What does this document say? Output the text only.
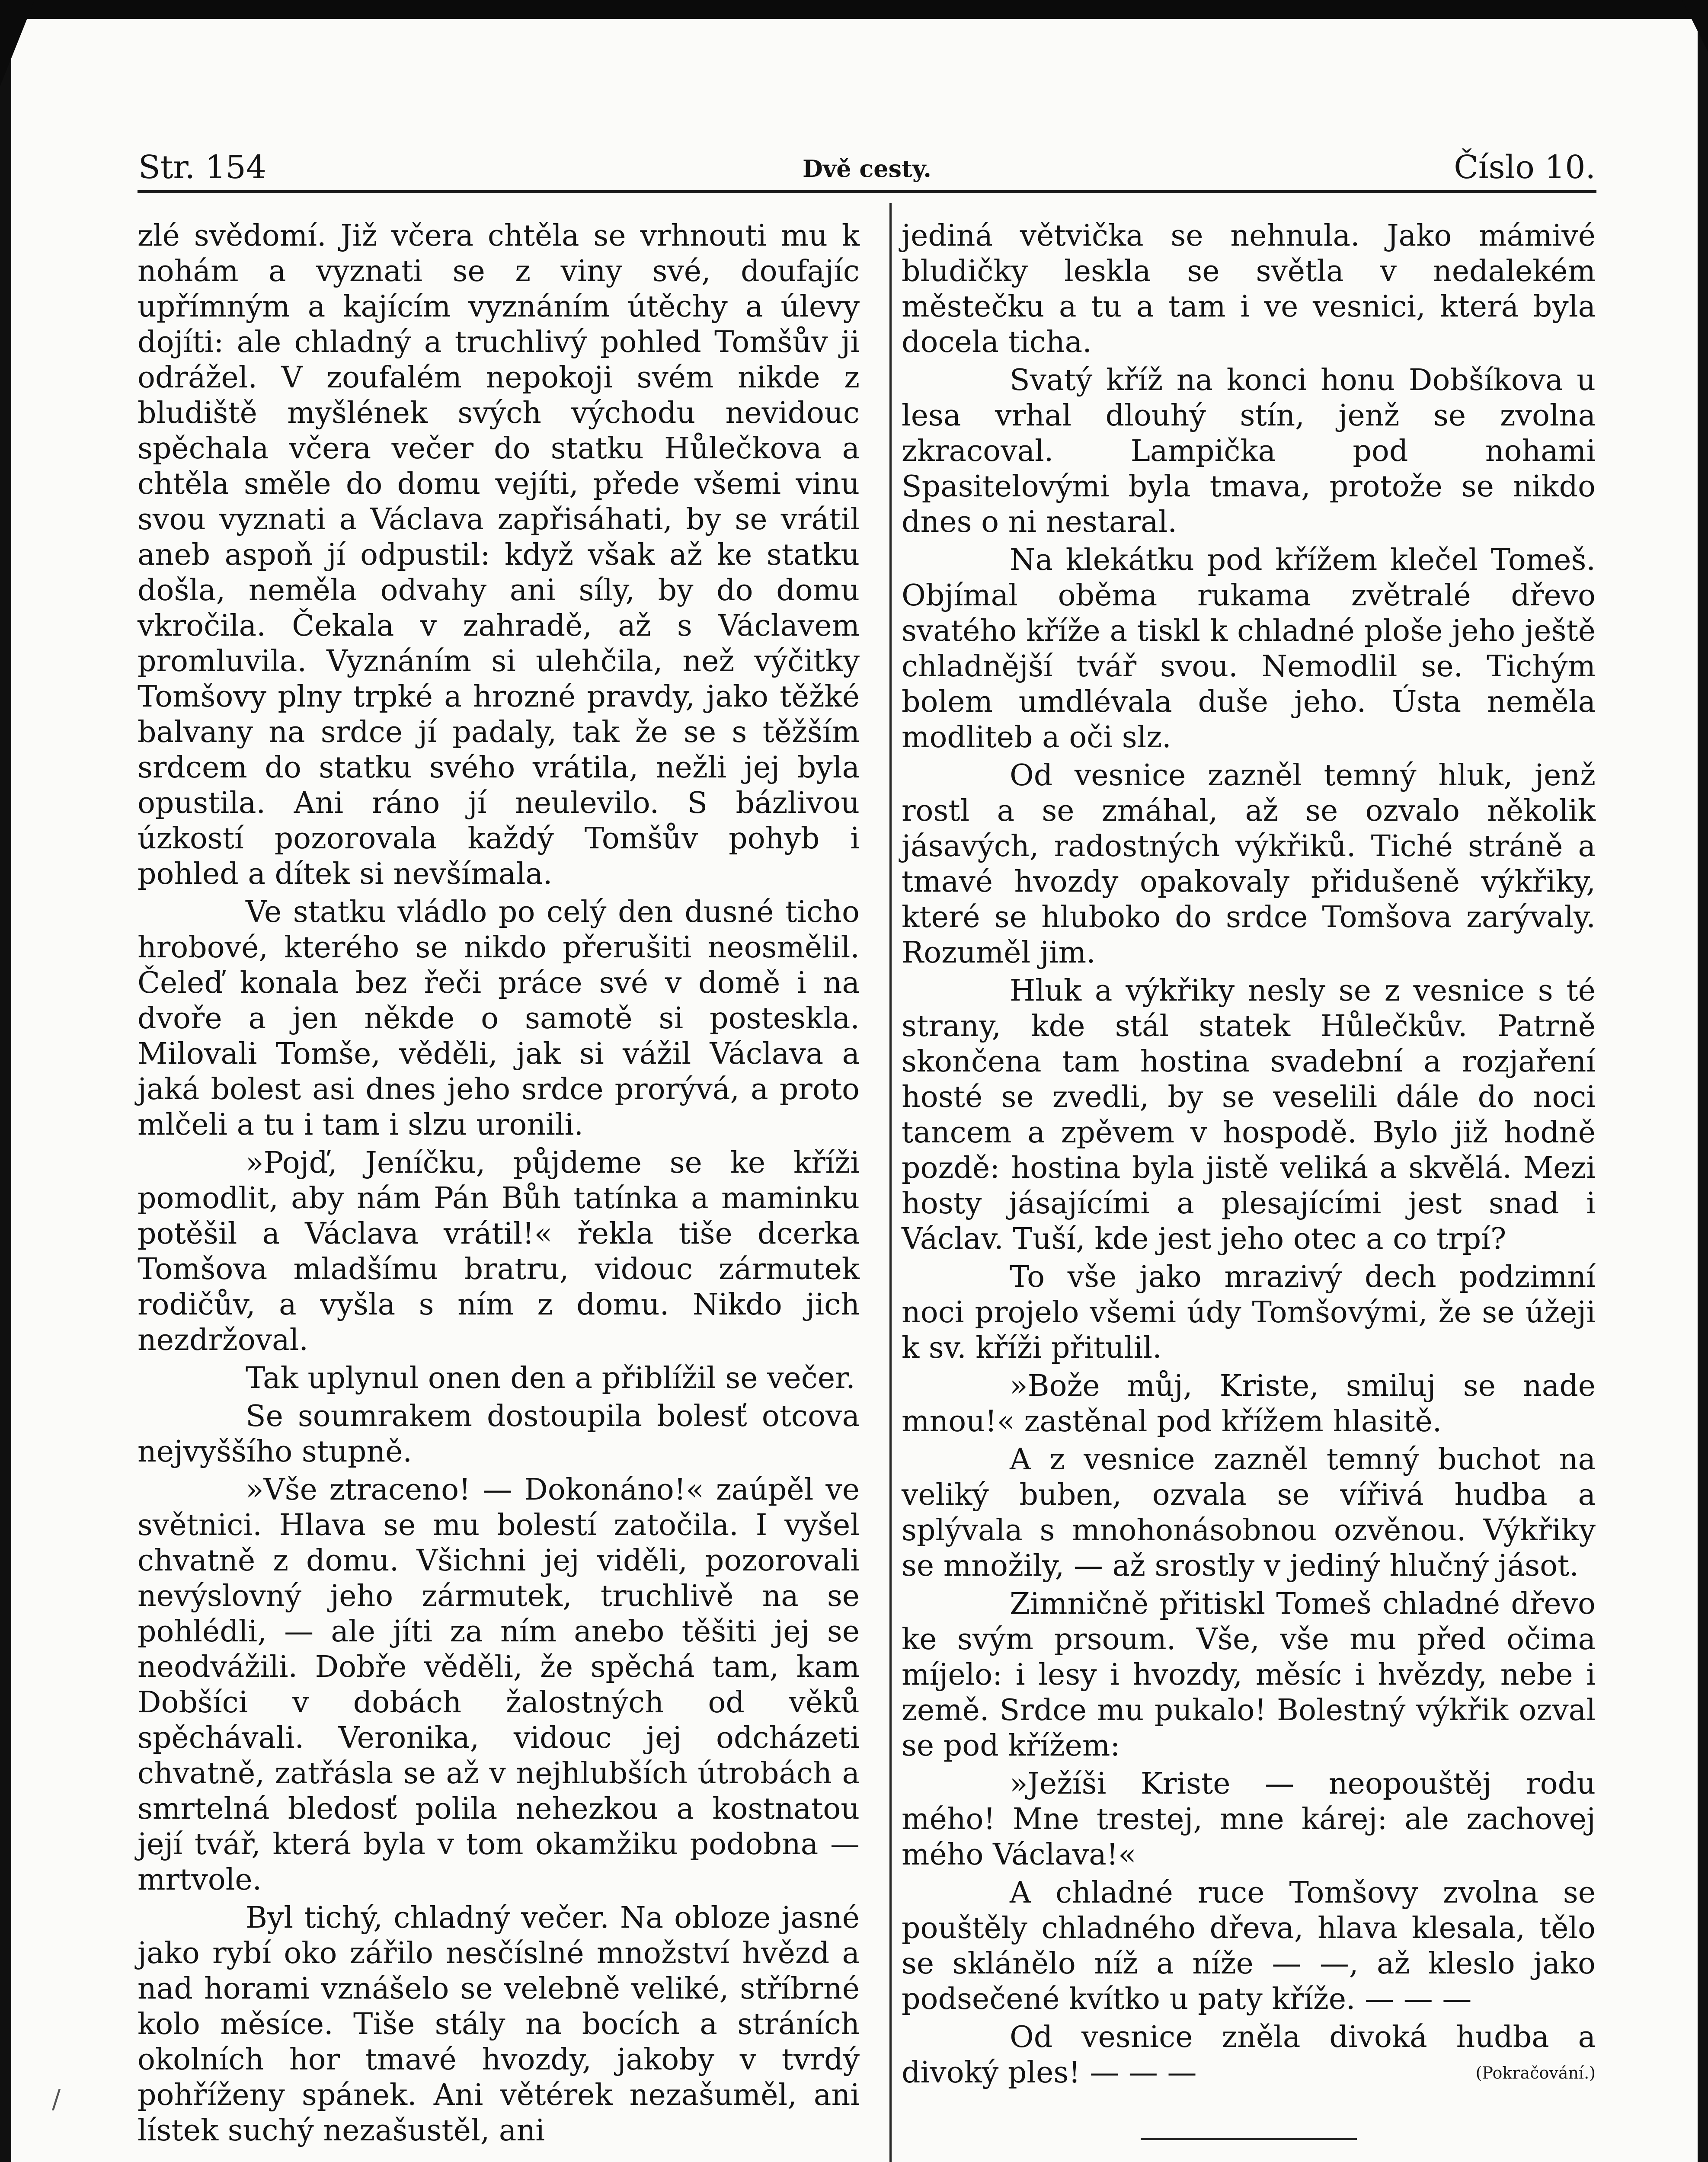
Str. 154	Dvě cesty.	Číslo 10.

zlé svědomí. Již včera chtěla se vrhnouti mu k nohám a vyznati se z viny své, doufajíc upřímným a kajícím vyznáním útěchy a úlevy dojíti: ale chladný a truchlivý pohled Tomšův ji odrážel. V zoufalém nepokoji svém nikde z bludiště myšlének svých východu nevidouc spěchala včera večer do statku Hůlečkova a chtěla směle do domu vejíti, přede všemi vinu svou vyznati a Václava zapřisáhati, by se vrátil aneb aspoň jí odpustil: když však až ke statku došla, neměla odvahy ani síly, by do domu vkročila. Čekala v zahradě, až s Václavem promluvila. Vyznáním si ulehčila, než výčitky Tomšovy plny trpké a hrozné pravdy, jako těžké balvany na srdce jí padaly, tak že se s těžším srdcem do statku svého vrátila, nežli jej byla opustila. Ani ráno jí neulevilo. S bázlivou úzkostí pozorovala každý Tomšův pohyb i pohled a dítek si nevšímala.

Ve statku vládlo po celý den dusné ticho hrobové, kterého se nikdo přerušiti neosmělil. Čeleď konala bez řeči práce své v domě i na dvoře a jen někde o samotě si posteskla. Milovali Tomše, věděli, jak si vážil Václava a jaká bolest asi dnes jeho srdce prorývá, a proto mlčeli a tu i tam i slzu uronili.

»Pojď, Jeníčku, půjdeme se ke kříži pomodlit, aby nám Pán Bůh tatínka a maminku potěšil a Václava vrátil!« řekla tiše dcerka Tomšova mladšímu bratru, vidouc zármutek rodičův, a vyšla s ním z domu. Nikdo jich nezdržoval.

Tak uplynul onen den a přiblížil se večer.

Se soumrakem dostoupila bolesť otcova nejvyššího stupně.

»Vše ztraceno! — Dokonáno!« zaúpěl ve světnici. Hlava se mu bolestí zatočila. I vyšel chvatně z domu. Všichni jej viděli, pozorovali nevýslovný jeho zármutek, truchlivě na se pohlédli, — ale jíti za ním anebo těšiti jej se neodvážili. Dobře věděli, že spěchá tam, kam Dobšíci v dobách žalostných od věků spěchávali. Veronika, vidouc jej odcházeti chvatně, zatřásla se až v nejhlubších útrobách a smrtelná bledosť polila nehezkou a kostnatou její tvář, která byla v tom okamžiku podobna — mrtvole.

Byl tichý, chladný večer. Na obloze jasné jako rybí oko zářilo nesčíslné množství hvězd a nad horami vznášelo se velebně veliké, stříbrné kolo měsíce. Tiše stály na bocích a stráních okolních hor tmavé hvozdy, jakoby v tvrdý pohříženy spánek. Ani větérek nezašuměl, ani lístek suchý nezašustěl, ani

jediná větvička se nehnula. Jako mámivé bludičky leskla se světla v nedalekém městečku a tu a tam i ve vesnici, která byla docela ticha.

Svatý kříž na konci honu Dobšíkova u lesa vrhal dlouhý stín, jenž se zvolna zkracoval. Lampička pod nohami Spasitelovými byla tmava, protože se nikdo dnes o ni nestaral.

Na klekátku pod křížem klečel Tomeš. Objímal oběma rukama zvětralé dřevo svatého kříže a tiskl k chladné ploše jeho ještě chladnější tvář svou. Nemodlil se. Tichým bolem umdlévala duše jeho. Ústa neměla modliteb a oči slz.

Od vesnice zazněl temný hluk, jenž rostl a se zmáhal, až se ozvalo několik jásavých, radostných výkřiků. Tiché stráně a tmavé hvozdy opakovaly přidušeně výkřiky, které se hluboko do srdce Tomšova zarývaly. Rozuměl jim.

Hluk a výkřiky nesly se z vesnice s té strany, kde stál statek Hůlečkův. Patrně skončena tam hostina svadební a rozjaření hosté se zvedli, by se veselili dále do noci tancem a zpěvem v hospodě. Bylo již hodně pozdě: hostina byla jistě veliká a skvělá. Mezi hosty jásajícími a plesajícími jest snad i Václav. Tuší, kde jest jeho otec a co trpí?

To vše jako mrazivý dech podzimní noci projelo všemi údy Tomšovými, že se úžeji k sv. kříži přitulil.

»Bože můj, Kriste, smiluj se nade mnou!« zastěnal pod křížem hlasitě.

A z vesnice zazněl temný buchot na veliký buben, ozvala se vířivá hudba a splývala s mnohonásobnou ozvěnou. Výkřiky se množily, — až srostly v jediný hlučný jásot.

Zimničně přitiskl Tomeš chladné dřevo ke svým prsoum. Vše, vše mu před očima míjelo: i lesy i hvozdy, měsíc i hvězdy, nebe i země. Srdce mu pukalo! Bolestný výkřik ozval se pod křížem:

»Ježíši Kriste — neopouštěj rodu mého! Mne trestej, mne kárej: ale zachovej mého Václava!«

A chladné ruce Tomšovy zvolna se pouštěly chladného dřeva, hlava klesala, tělo se sklánělo níž a níže — —, až kleslo jako podsečené kvítko u paty kříže. — — —

Od vesnice zněla divoká hudba a divoký ples! — — —	(Pokračování.)
/
